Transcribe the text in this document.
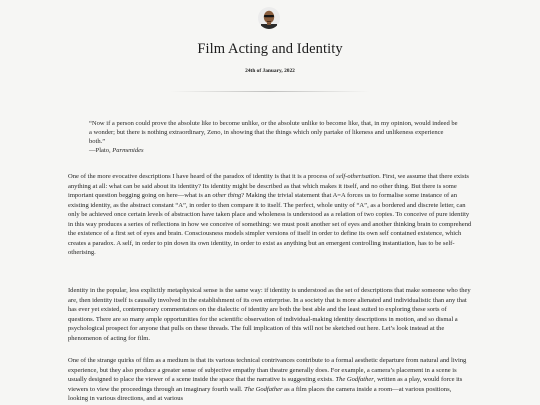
Film Acting and Identity
24th of January, 2022
“Now if a person could prove the absolute like to become unlike, or the absolute unlike to become like, that, in my opinion, would indeed be a wonder; but there is nothing extraordinary, Zeno, in showing that the things which only partake of likeness and unlikeness experience both.”
—Plato, Parmenides
One of the more evocative descriptions I have heard of the paradox of identity is that it is a process of self-otherisation. First, we assume that there exists anything at all: what can be said about its identity? Its identity might be described as that which makes it itself, and no other thing. But there is some important question begging going on here—what is an other thing? Making the trivial statement that A=A forces us to formalise some instance of an existing identity, as the abstract constant “A”, in order to then compare it to itself. The perfect, whole unity of “A”, as a bordered and discrete letter, can only be achieved once certain levels of abstraction have taken place and wholeness is understood as a relation of two copies. To conceive of pure identity in this way produces a series of reflections in how we conceive of something: we must posit another set of eyes and another thinking brain to comprehend the existence of a first set of eyes and brain. Consciousness models simpler versions of itself in order to define its own self contained existence, which creates a paradox. A self, in order to pin down its own identity, in order to exist as anything but an emergent controlling instantiation, has to be self-otherising.
Identity in the popular, less explicitly metaphysical sense is the same way: if identity is understood as the set of descriptions that make someone who they are, then identity itself is causally involved in the establishment of its own enterprise. In a society that is more alienated and individualistic than any that has ever yet existed, contemporary commentators on the dialectic of identity are both the best able and the least suited to exploring these sorts of questions. There are so many ample opportunities for the scientific observation of individual-making identity descriptions in motion, and so dismal a psychological prospect for anyone that pulls on these threads. The full implication of this will not be sketched out here. Let’s look instead at the phenomenon of acting for film.
One of the strange quirks of film as a medium is that its various technical contrivances contribute to a formal aesthetic departure from natural and living experience, but they also produce a greater sense of subjective empathy than theatre generally does. For example, a camera’s placement in a scene is usually designed to place the viewer of a scene inside the space that the narrative is suggesting exists. The Godfather, written as a play, would force its viewers to view the proceedings through an imaginary fourth wall. The Godfather as a film places the camera inside a room—at various positions, looking in various directions, and at various
